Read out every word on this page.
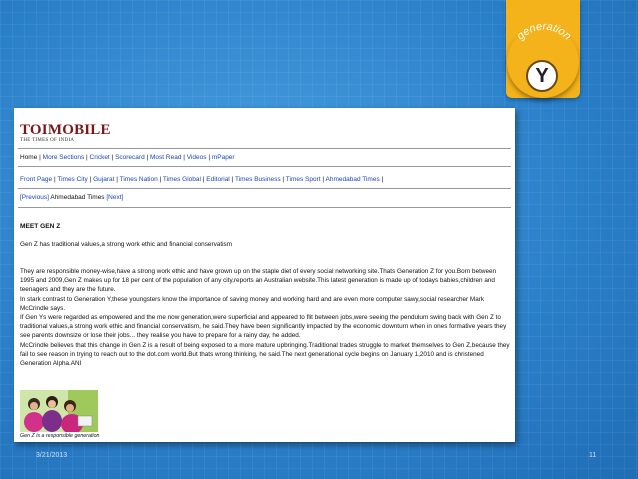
generation
Y
TOIMOBILE
THE TIMES OF INDIA
Home | More Sections | Cricket | Scorecard | Most Read | Videos | mPaper
Front Page | Times City | Gujarat | Times Nation | Times Global | Editorial | Times Business | Times Sport | Ahmedabad Times |
[Previous] Ahmedabad Times [Next]
MEET GEN Z
Gen Z has traditional values,a strong work ethic and financial conservatism

They are responsible money-wise,have a strong work ethic and have grown up on the staple diet of every social networking site.Thats Generation Z for you.Born between 1995 and 2009,Gen Z makes up for 18 per cent of the population of any city,reports an Australian website.This latest generation is made up of todays babies,children and teenagers and they are the future.

In stark contrast to Generation Y,these youngsters know the importance of saving money and working hard and are even more computer sawy,social researcher Mark McCrindle says.

If Gen Ys were regarded as empowered and the me now generation,were superficial and appeared to flit between jobs,were seeing the pendulum swing back with Gen Z to traditional values,a strong work ethic and financial conservatism, he said.They have been significantly impacted by the economic downturn when in ones formative years they see parents downsize or lose their jobs... they realise you have to prepare for a rainy day, he added.

McCrindle believes that this change in Gen Z is a result of being exposed to a more mature upbringing.Traditional trades struggle to market themselves to Gen Z,because they fail to see reason in trying to reach out to the dot.com world.But thats wrong thinking, he said.The next generational cycle begins on January 1,2010 and is christened Generation Alpha.ANI

Gen Z is a responsible generation
3/21/2013	11
